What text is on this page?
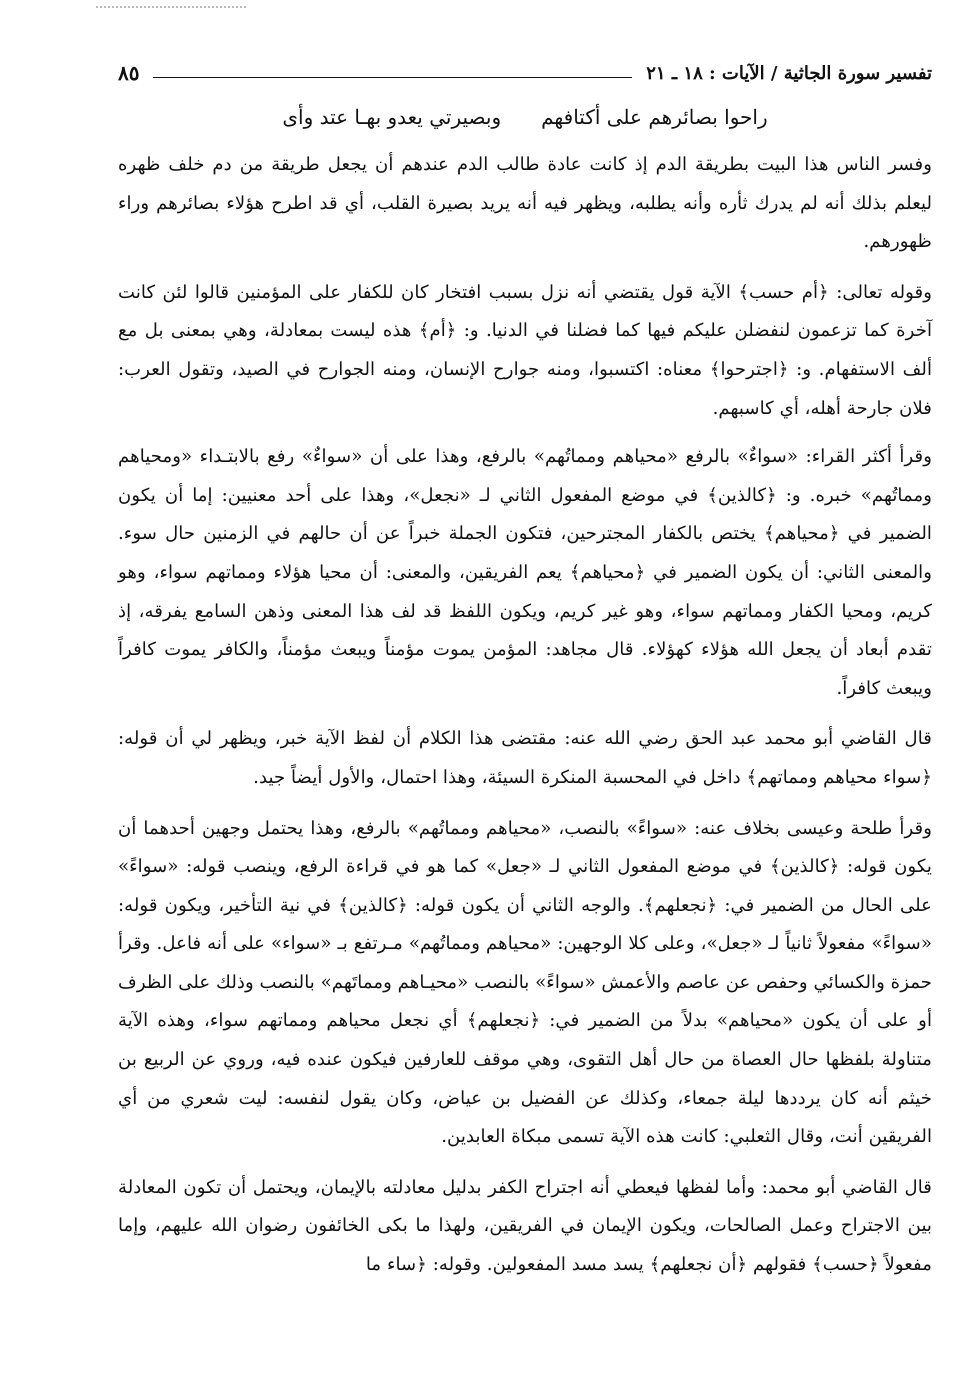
تفسير سورة الجاثية / الآيات : ١٨ ـ ٢١
٨٥
راحوا بصائرهم على أكتافهم
وبصيرتي يعدو بهـا عتد وأى

وفسر الناس هذا البيت بطريقة الدم إذ كانت عادة طالب الدم عندهم أن يجعل طريقة من دم خلف ظهره ليعلم بذلك أنه لم يدرك ثأره وأنه يطلبه، ويظهر فيه أنه يريد بصيرة القلب، أي قد اطرح هؤلاء بصائرهم وراء ظهورهم.

وقوله تعالى: ﴿أم حسب﴾ الآية قول يقتضي أنه نزل بسبب افتخار كان للكفار على المؤمنين قالوا لئن كانت آخرة كما تزعمون لنفضلن عليكم فيها كما فضلنا في الدنيا. و: ﴿أم﴾ هذه ليست بمعادلة، وهي بمعنى بل مع ألف الاستفهام. و: ﴿اجترحوا﴾ معناه: اكتسبوا، ومنه جوارح الإنسان، ومنه الجوارح في الصيد، وتقول العرب: فلان جارحة أهله، أي كاسبهم.

وقرأ أكثر القراء: «سواءٌ» بالرفع «محياهم ومماتُهم» بالرفع، وهذا على أن «سواءٌ» رفع بالابتـداء «ومحياهم ومماتُهم» خبره. و: ﴿كالذين﴾ في موضع المفعول الثاني لـ «نجعل»، وهذا على أحد معنيين: إما أن يكون الضمير في ﴿محياهم﴾ يختص بالكفار المجترحين، فتكون الجملة خبراً عن أن حالهم في الزمنين حال سوء. والمعنى الثاني: أن يكون الضمير في ﴿محياهم﴾ يعم الفريقين، والمعنى: أن محيا هؤلاء ومماتهم سواء، وهو كريم، ومحيا الكفار ومماتهم سواء، وهو غير كريم، ويكون اللفظ قد لف هذا المعنى وذهن السامع يفرقه، إذ تقدم أبعاد أن يجعل الله هؤلاء كهؤلاء. قال مجاهد: المؤمن يموت مؤمناً ويبعث مؤمناً، والكافر يموت كافراً ويبعث كافراً.

قال القاضي أبو محمد عبد الحق رضي الله عنه: مقتضى هذا الكلام أن لفظ الآية خبر، ويظهر لي أن قوله: ﴿سواء محياهم ومماتهم﴾ داخل في المحسبة المنكرة السيئة، وهذا احتمال، والأول أيضاً جيد.

وقرأ طلحة وعيسى بخلاف عنه: «سواءً» بالنصب، «محياهم ومماتُهم» بالرفع، وهذا يحتمل وجهين أحدهما أن يكون قوله: ﴿كالذين﴾ في موضع المفعول الثاني لـ «جعل» كما هو في قراءة الرفع، وينصب قوله: «سواءً» على الحال من الضمير في: ﴿نجعلهم﴾. والوجه الثاني أن يكون قوله: ﴿كالذين﴾ في نية التأخير، ويكون قوله: «سواءً» مفعولاً ثانياً لـ «جعل»، وعلى كلا الوجهين: «محياهم ومماتُهم» مـرتفع بـ «سواء» على أنه فاعل. وقرأ حمزة والكسائي وحفص عن عاصم والأعمش «سواءً» بالنصب «محيـاهم ومماتَهم» بالنصب وذلك على الظرف أو على أن يكون «محياهم» بدلاً من الضمير في: ﴿نجعلهم﴾ أي نجعل محياهم ومماتهم سواء، وهذه الآية متناولة بلفظها حال العصاة من حال أهل التقوى، وهي موقف للعارفين فيكون عنده فيه، وروي عن الربيع بن خيثم أنه كان يرددها ليلة جمعاء، وكذلك عن الفضيل بن عياض، وكان يقول لنفسه: ليت شعري من أي الفريقين أنت، وقال الثعلبي: كانت هذه الآية تسمى مبكاة العابدين.

قال القاضي أبو محمد: وأما لفظها فيعطي أنه اجتراح الكفر بدليل معادلته بالإيمان، ويحتمل أن تكون المعادلة بين الاجتراح وعمل الصالحات، ويكون الإيمان في الفريقين، ولهذا ما بكى الخائفون رضوان الله عليهم، وإما مفعولاً ﴿حسب﴾ فقولهم ﴿أن نجعلهم﴾ يسد مسد المفعولين. وقوله: ﴿ساء ما
